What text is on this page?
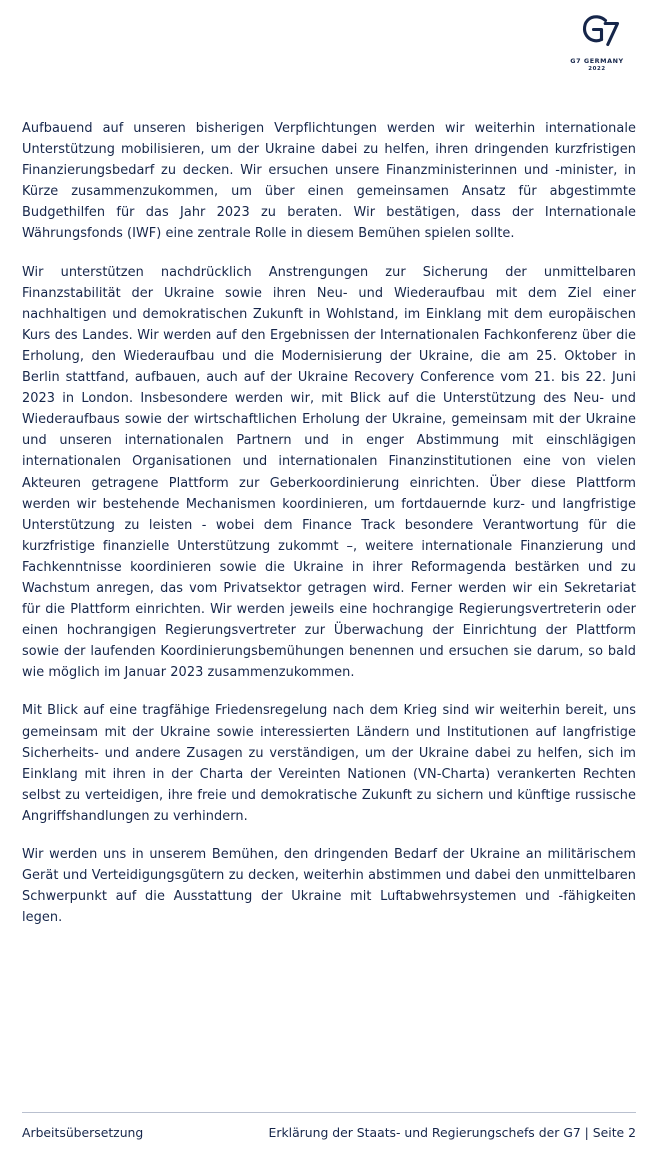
G7 GERMANY
2022

Aufbauend auf unseren bisherigen Verpflichtungen werden wir weiterhin internationale Unterstützung mobilisieren, um der Ukraine dabei zu helfen, ihren dringenden kurzfristigen Finanzierungsbedarf zu decken. Wir ersuchen unsere Finanzministerinnen und -minister, in Kürze zusammenzukommen, um über einen gemeinsamen Ansatz für abgestimmte Budgethilfen für das Jahr 2023 zu beraten. Wir bestätigen, dass der Internationale Währungsfonds (IWF) eine zentrale Rolle in diesem Bemühen spielen sollte.

Wir unterstützen nachdrücklich Anstrengungen zur Sicherung der unmittelbaren Finanzstabilität der Ukraine sowie ihren Neu- und Wiederaufbau mit dem Ziel einer nachhaltigen und demokratischen Zukunft in Wohlstand, im Einklang mit dem europäischen Kurs des Landes. Wir werden auf den Ergebnissen der Internationalen Fachkonferenz über die Erholung, den Wiederaufbau und die Modernisierung der Ukraine, die am 25. Oktober in Berlin stattfand, aufbauen, auch auf der Ukraine Recovery Conference vom 21. bis 22. Juni 2023 in London. Insbesondere werden wir, mit Blick auf die Unterstützung des Neu- und Wiederaufbaus sowie der wirtschaftlichen Erholung der Ukraine, gemeinsam mit der Ukraine und unseren internationalen Partnern und in enger Abstimmung mit einschlägigen internationalen Organisationen und internationalen Finanzinstitutionen eine von vielen Akteuren getragene Plattform zur Geberkoordinierung einrichten. Über diese Plattform werden wir bestehende Mechanismen koordinieren, um fortdauernde kurz- und langfristige Unterstützung zu leisten - wobei dem Finance Track besondere Verantwortung für die kurzfristige finanzielle Unterstützung zukommt –, weitere internationale Finanzierung und Fachkenntnisse koordinieren sowie die Ukraine in ihrer Reformagenda bestärken und zu Wachstum anregen, das vom Privatsektor getragen wird. Ferner werden wir ein Sekretariat für die Plattform einrichten. Wir werden jeweils eine hochrangige Regierungsvertreterin oder einen hochrangigen Regierungsvertreter zur Überwachung der Einrichtung der Plattform sowie der laufenden Koordinierungsbemühungen benennen und ersuchen sie darum, so bald wie möglich im Januar 2023 zusammenzukommen.

Mit Blick auf eine tragfähige Friedensregelung nach dem Krieg sind wir weiterhin bereit, uns gemeinsam mit der Ukraine sowie interessierten Ländern und Institutionen auf langfristige Sicherheits- und andere Zusagen zu verständigen, um der Ukraine dabei zu helfen, sich im Einklang mit ihren in der Charta der Vereinten Nationen (VN-Charta) verankerten Rechten selbst zu verteidigen, ihre freie und demokratische Zukunft zu sichern und künftige russische Angriffshandlungen zu verhindern.

Wir werden uns in unserem Bemühen, den dringenden Bedarf der Ukraine an militärischem Gerät und Verteidigungsgütern zu decken, weiterhin abstimmen und dabei den unmittelbaren Schwerpunkt auf die Ausstattung der Ukraine mit Luftabwehrsystemen und -fähigkeiten legen.

Arbeitsübersetzung	Erklärung der Staats- und Regierungschefs der G7 | Seite 2
